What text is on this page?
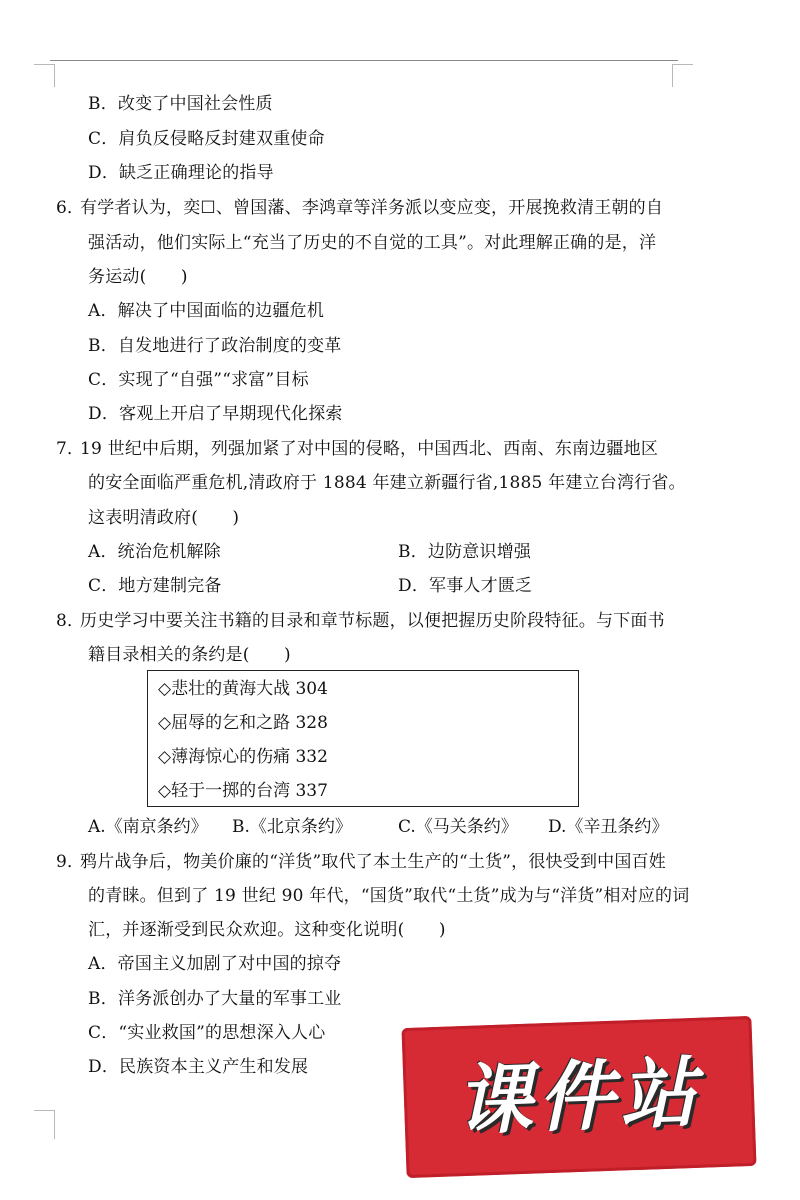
B．改变了中国社会性质
C．肩负反侵略反封建双重使命
D．缺乏正确理论的指导
6．
有学者认为，奕☐、曾国藩、李鸿章等洋务派以变应变，开展挽救清王朝的自
强活动，他们实际上“充当了历史的不自觉的工具”。对此理解正确的是，洋
务运动(　　)
A．解决了中国面临的边疆危机
B．自发地进行了政治制度的变革
C．实现了“自强”“求富”目标
D．客观上开启了早期现代化探索
7．
19 世纪中后期，列强加紧了对中国的侵略，中国西北、西南、东南边疆地区
的安全面临严重危机,清政府于 1884 年建立新疆行省,1885 年建立台湾行省。
这表明清政府(　　)
A．统治危机解除	B．边防意识增强
C．地方建制完备	D．军事人才匮乏
8．
历史学习中要关注书籍的目录和章节标题，以便把握历史阶段特征。与下面书
籍目录相关的条约是(　　)
◇悲壮的黄海大战 304
◇屈辱的乞和之路 328
◇薄海惊心的伤痛 332
◇轻于一掷的台湾 337
A.《南京条约》 B.《北京条约》	C.《马关条约》 D.《辛丑条约》
9．
鸦片战争后，物美价廉的“洋货”取代了本土生产的“土货”，很快受到中国百姓
的青睐。但到了 19 世纪 90 年代，“国货”取代“土货”成为与“洋货”相对应的词
汇，并逐渐受到民众欢迎。这种变化说明(　　)
A．帝国主义加剧了对中国的掠夺
B．洋务派创办了大量的军事工业
C．“实业救国”的思想深入人心
D．民族资本主义产生和发展	课件站
